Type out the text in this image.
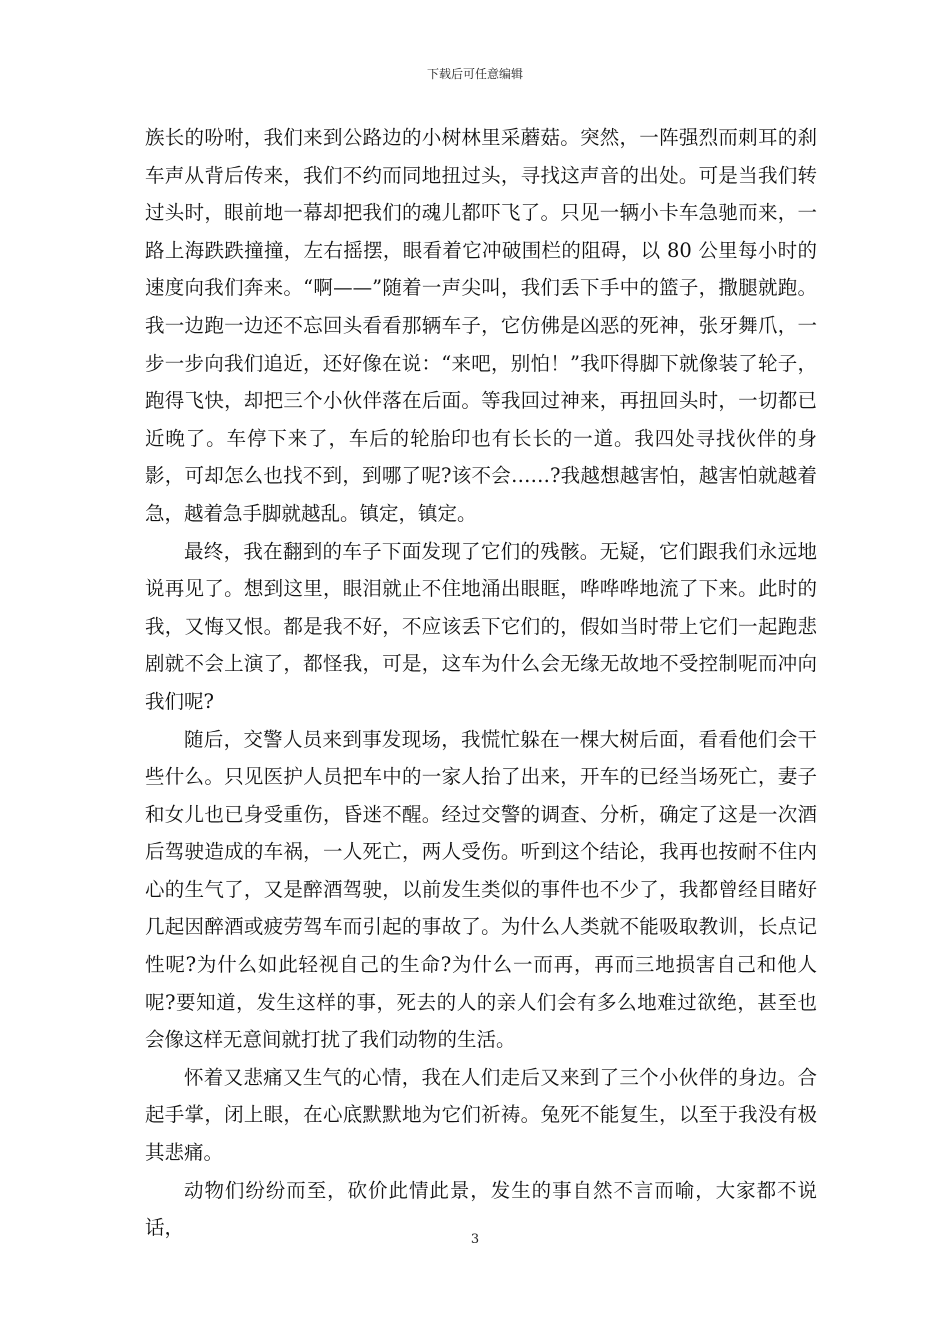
下载后可任意编辑

族长的吩咐，我们来到公路边的小树林里采蘑菇。突然，一阵强烈而刺耳的刹车声从背后传来，我们不约而同地扭过头，寻找这声音的出处。可是当我们转过头时，眼前地一幕却把我们的魂儿都吓飞了。只见一辆小卡车急驰而来，一路上海跌跌撞撞，左右摇摆，眼看着它冲破围栏的阻碍，以 80 公里每小时的速度向我们奔来。“啊——”随着一声尖叫，我们丢下手中的篮子，撒腿就跑。我一边跑一边还不忘回头看看那辆车子，它仿佛是凶恶的死神，张牙舞爪，一步一步向我们追近，还好像在说：“来吧，别怕！”我吓得脚下就像装了轮子，跑得飞快，却把三个小伙伴落在后面。等我回过神来，再扭回头时，一切都已近晚了。车停下来了，车后的轮胎印也有长长的一道。我四处寻找伙伴的身影，可却怎么也找不到，到哪了呢?该不会……?我越想越害怕，越害怕就越着急，越着急手脚就越乱。镇定，镇定。

最终，我在翻到的车子下面发现了它们的残骸。无疑，它们跟我们永远地说再见了。想到这里，眼泪就止不住地涌出眼眶，哗哗哗地流了下来。此时的我，又悔又恨。都是我不好，不应该丢下它们的，假如当时带上它们一起跑悲剧就不会上演了，都怪我，可是，这车为什么会无缘无故地不受控制呢而冲向我们呢?

随后，交警人员来到事发现场，我慌忙躲在一棵大树后面，看看他们会干些什么。只见医护人员把车中的一家人抬了出来，开车的已经当场死亡，妻子和女儿也已身受重伤，昏迷不醒。经过交警的调查、分析，确定了这是一次酒后驾驶造成的车祸，一人死亡，两人受伤。听到这个结论，我再也按耐不住内心的生气了，又是醉酒驾驶，以前发生类似的事件也不少了，我都曾经目睹好几起因醉酒或疲劳驾车而引起的事故了。为什么人类就不能吸取教训，长点记性呢?为什么如此轻视自己的生命?为什么一而再，再而三地损害自己和他人呢?要知道，发生这样的事，死去的人的亲人们会有多么地难过欲绝，甚至也会像这样无意间就打扰了我们动物的生活。

怀着又悲痛又生气的心情，我在人们走后又来到了三个小伙伴的身边。合起手掌，闭上眼，在心底默默地为它们祈祷。兔死不能复生，以至于我没有极其悲痛。

动物们纷纷而至，砍价此情此景，发生的事自然不言而喻，大家都不说话，

3
